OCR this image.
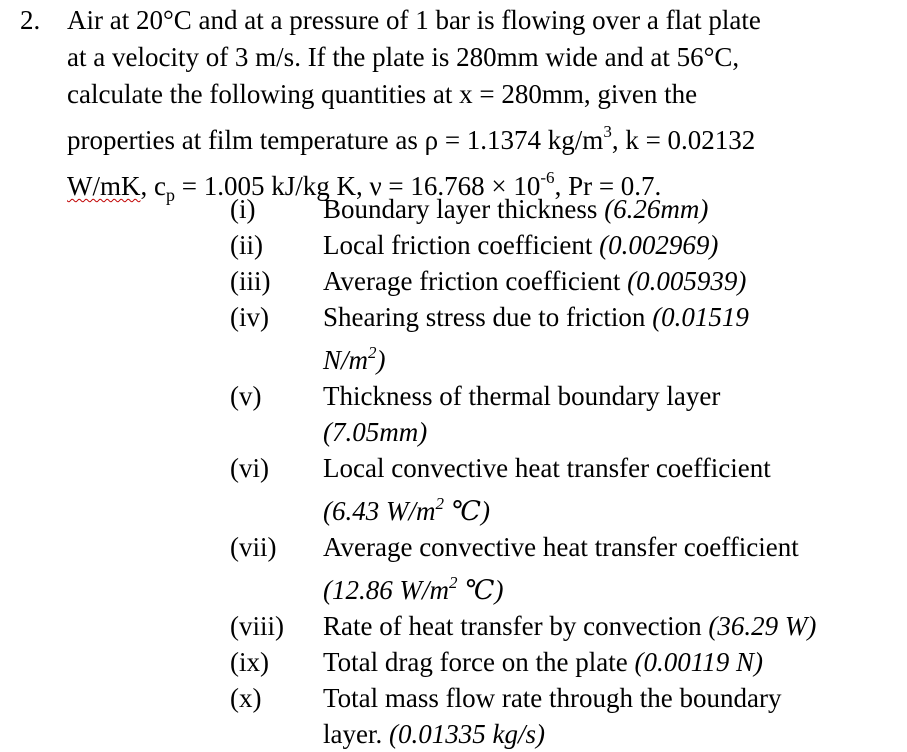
2. Air at 20°C and at a pressure of 1 bar is flowing over a flat plate
at a velocity of 3 m/s. If the plate is 280mm wide and at 56°C,
calculate the following quantities at x = 280mm, given the
properties at film temperature as ρ = 1.1374 $kg/m^3$, k = 0.02132
W/mK, $c_p = 1.005$ kJ/kg K, $\nu = 16.768 \times 10^{-6}$, Pr = 0.7.
(i)	Boundary layer thickness (6.26mm)
(ii)	Local friction coefficient (0.002969)
(iii)	Average friction coefficient (0.005939)
(iv)	Shearing stress due to friction (0.01519
$N/m^2$)
(v)	Thickness of thermal boundary layer
(7.05mm)
(vi)	Local convective heat transfer coefficient
(6.43 $W/m^2$ ℃)
(vii)	Average convective heat transfer coefficient
(12.86 $W/m^2$ ℃)
(viii)	Rate of heat transfer by convection (36.29 W)
(ix)	Total drag force on the plate (0.00119 N)
(x)	Total mass flow rate through the boundary
layer. (0.01335 kg/s)
